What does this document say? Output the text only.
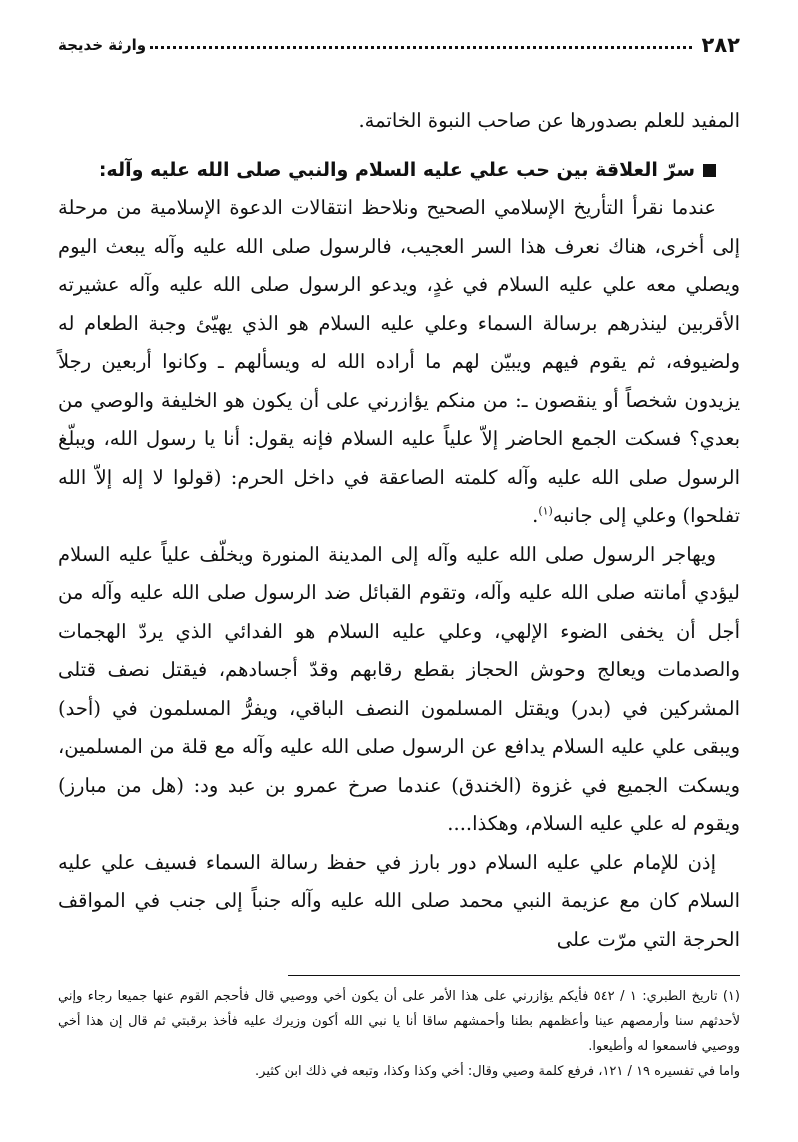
٢٨٢
وارثة خديجة

المفيد للعلم بصدورها عن صاحب النبوة الخاتمة.

سرّ العلاقة بين حب علي عليه السلام والنبي صلى الله عليه وآله:

عندما نقرأ التأريخ الإسلامي الصحيح ونلاحظ انتقالات الدعوة الإسلامية من مرحلة إلى أخرى، هناك نعرف هذا السر العجيب، فالرسول صلى الله عليه وآله يبعث اليوم ويصلي معه علي عليه السلام في غدٍ، ويدعو الرسول صلى الله عليه وآله عشيرته الأقربين لينذرهم برسالة السماء وعلي عليه السلام هو الذي يهيّئ وجبة الطعام له ولضيوفه، ثم يقوم فيهم ويبيّن لهم ما أراده الله له ويسألهم ـ وكانوا أربعين رجلاً يزيدون شخصاً أو ينقصون ـ: من منكم يؤازرني على أن يكون هو الخليفة والوصي من بعدي؟ فسكت الجمع الحاضر إلاّ علياً عليه السلام فإنه يقول: أنا يا رسول الله، ويبلّغ الرسول صلى الله عليه وآله كلمته الصاعقة في داخل الحرم: (قولوا لا إله إلاّ الله تفلحوا) وعلي إلى جانبه$^{(١)}$.

ويهاجر الرسول صلى الله عليه وآله إلى المدينة المنورة ويخلّف علياً عليه السلام ليؤدي أمانته صلى الله عليه وآله، وتقوم القبائل ضد الرسول صلى الله عليه وآله من أجل أن يخفى الضوء الإلهي، وعلي عليه السلام هو الفدائي الذي يردّ الهجمات والصدمات ويعالج وحوش الحجاز بقطع رقابهم وقدّ أجسادهم، فيقتل نصف قتلى المشركين في (بدر) ويقتل المسلمون النصف الباقي، ويفرُّ المسلمون في (أحد) ويبقى علي عليه السلام يدافع عن الرسول صلى الله عليه وآله مع قلة من المسلمين، ويسكت الجميع في غزوة (الخندق) عندما صرخ عمرو بن عبد ود: (هل من مبارز) ويقوم له علي عليه السلام، وهكذا....

إذن للإمام علي عليه السلام دور بارز في حفظ رسالة السماء فسيف علي عليه السلام كان مع عزيمة النبي محمد صلى الله عليه وآله جنباً إلى جنب في المواقف الحرجة التي مرّت على

(١) تاريخ الطبري: ١ / ٥٤٢ فأيكم يؤازرني على هذا الأمر على أن يكون أخي ووصيي قال فأحجم القوم عنها جميعا رجاء وإني لأحدثهم سنا وأرمصهم عينا وأعظمهم بطنا وأحمشهم ساقا أنا يا نبي الله أكون وزيرك عليه فأخذ برقبتي ثم قال إن هذا أخي ووصيي فاسمعوا له وأطيعوا.

واما في تفسيره ١٩ / ١٢١، فرفع كلمة وصيي وقال: أخي وكذا وكذا، وتبعه في ذلك ابن كثير.
